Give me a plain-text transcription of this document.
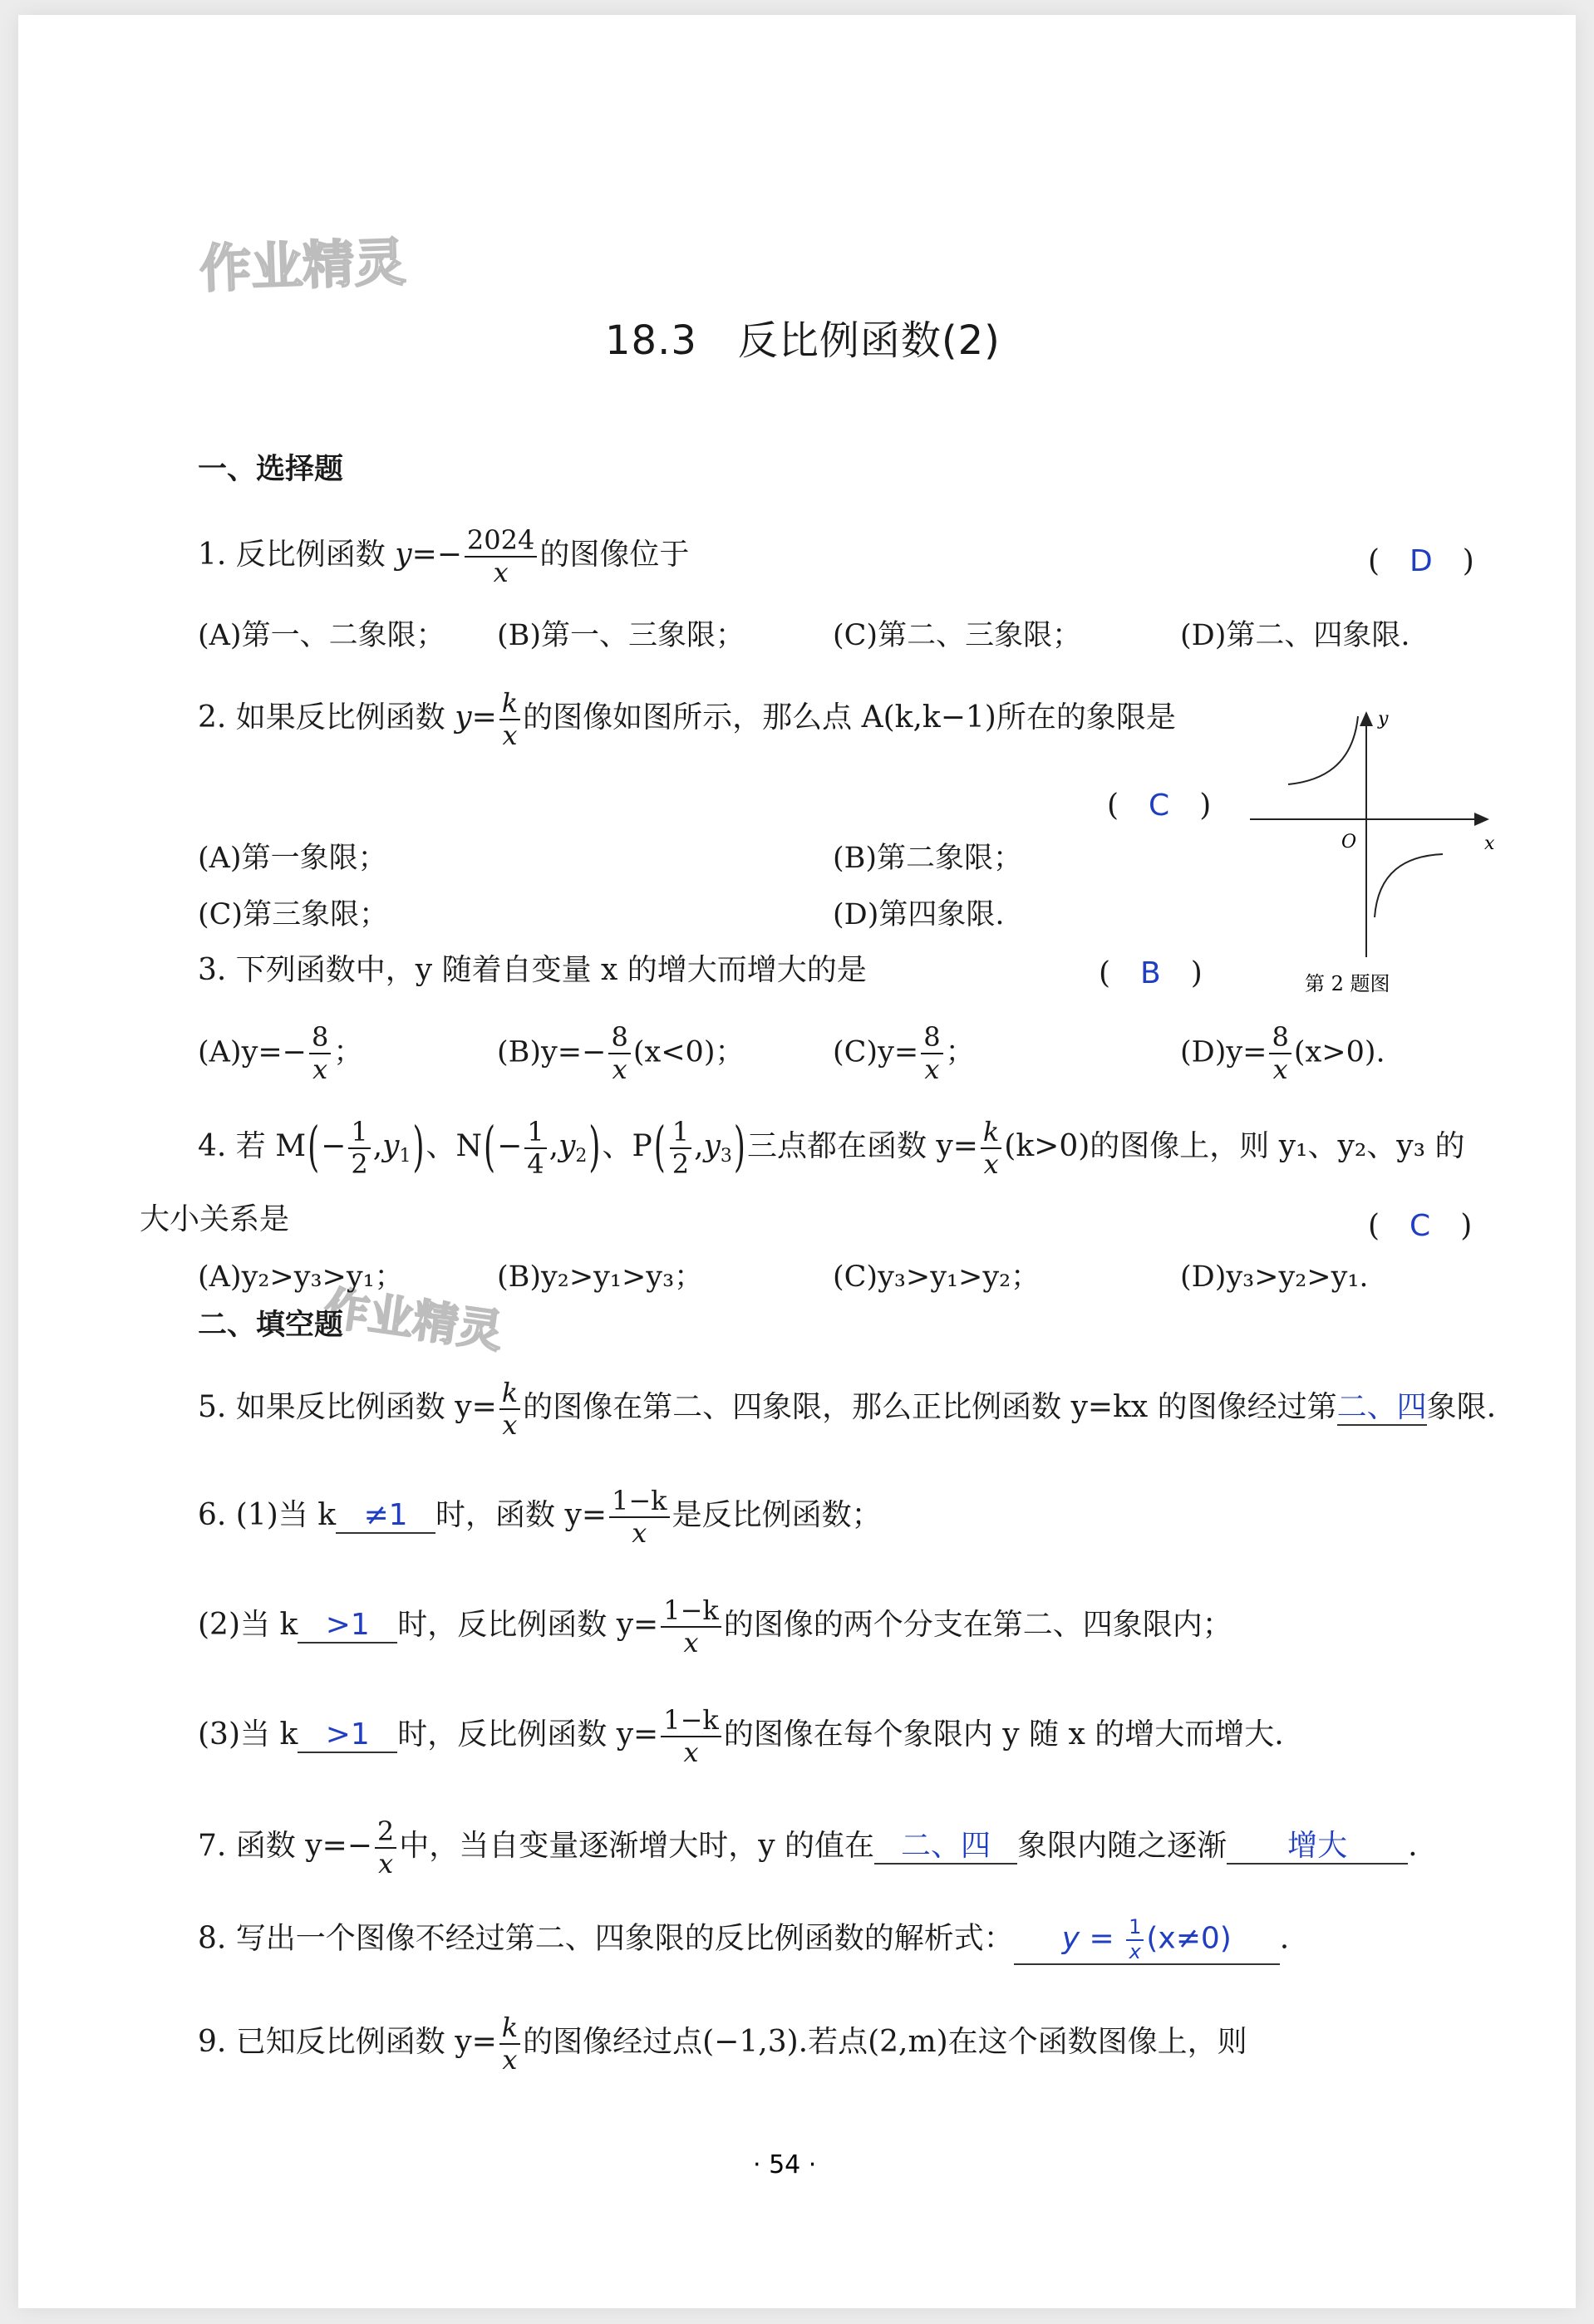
作业精灵
作业精灵
18.3　反比例函数(2)
一、选择题
1. 反比例函数 $y=- \frac{2024}{x}$ 的图像位于	(　D　)
(A)第一、二象限； (B)第一、三象限；	(C)第二、三象限；	(D)第二、四象限.
2. 如果反比例函数 $y= \frac{k}{x}$ 的图像如图所示，那么点 A(k,k−1)所在的象限是
(　C　)
(A)第一象限；	(B)第二象限；
(C)第三象限；	(D)第四象限.
y
x
O
第 2 题图
3. 下列函数中，y 随着自变量 x 的增大而增大的是	(　B　)
$(A)y=- \frac{8}{x}$ ；	$(B)y=- \frac{8}{x} (x<0)$；	$(C)y= \frac{8}{x}$ ；	$(D)y= \frac{8}{x} (x>0)$.
4. 若 $M(- \frac{1}{2} ,y_1)$、$N(- \frac{1}{4} ,y_2)$、$P( \frac{1}{2} ,y_3)$三点都在函数 $y= \frac{k}{x} (k>0)$的图像上，则 y₁、y₂、y₃ 的
大小关系是	(　C　)
(A)y₂>y₃>y₁；	(B)y₂>y₁>y₃；	(C)y₃>y₁>y₂；	(D)y₃>y₂>y₁.
二、填空题
5. 如果反比例函数 $y= \frac{k}{x}$ 的图像在第二、四象限，那么正比例函数 y=kx 的图像经过第二、四象限.
6. (1)当 k ≠1 时，函数 $y= \frac{1-k}{x}$ 是反比例函数；
(2)当 k >1 时，反比例函数 $y= \frac{1-k}{x}$ 的图像的两个分支在第二、四象限内；
(3)当 k >1 时，反比例函数 $y= \frac{1-k}{x}$ 的图像在每个象限内 y 随 x 的增大而增大.
7. 函数 $y=- \frac{2}{x}$ 中，当自变量逐渐增大时，y 的值在 二、四 象限内随之逐渐 增大 .
8. 写出一个图像不经过第二、四象限的反比例函数的解析式： $y = \frac{1}{x} (x\ne 0)$ .
9. 已知反比例函数 $y= \frac{k}{x}$ 的图像经过点(−1,3).若点(2,m)在这个函数图像上，则
· 54 ·
